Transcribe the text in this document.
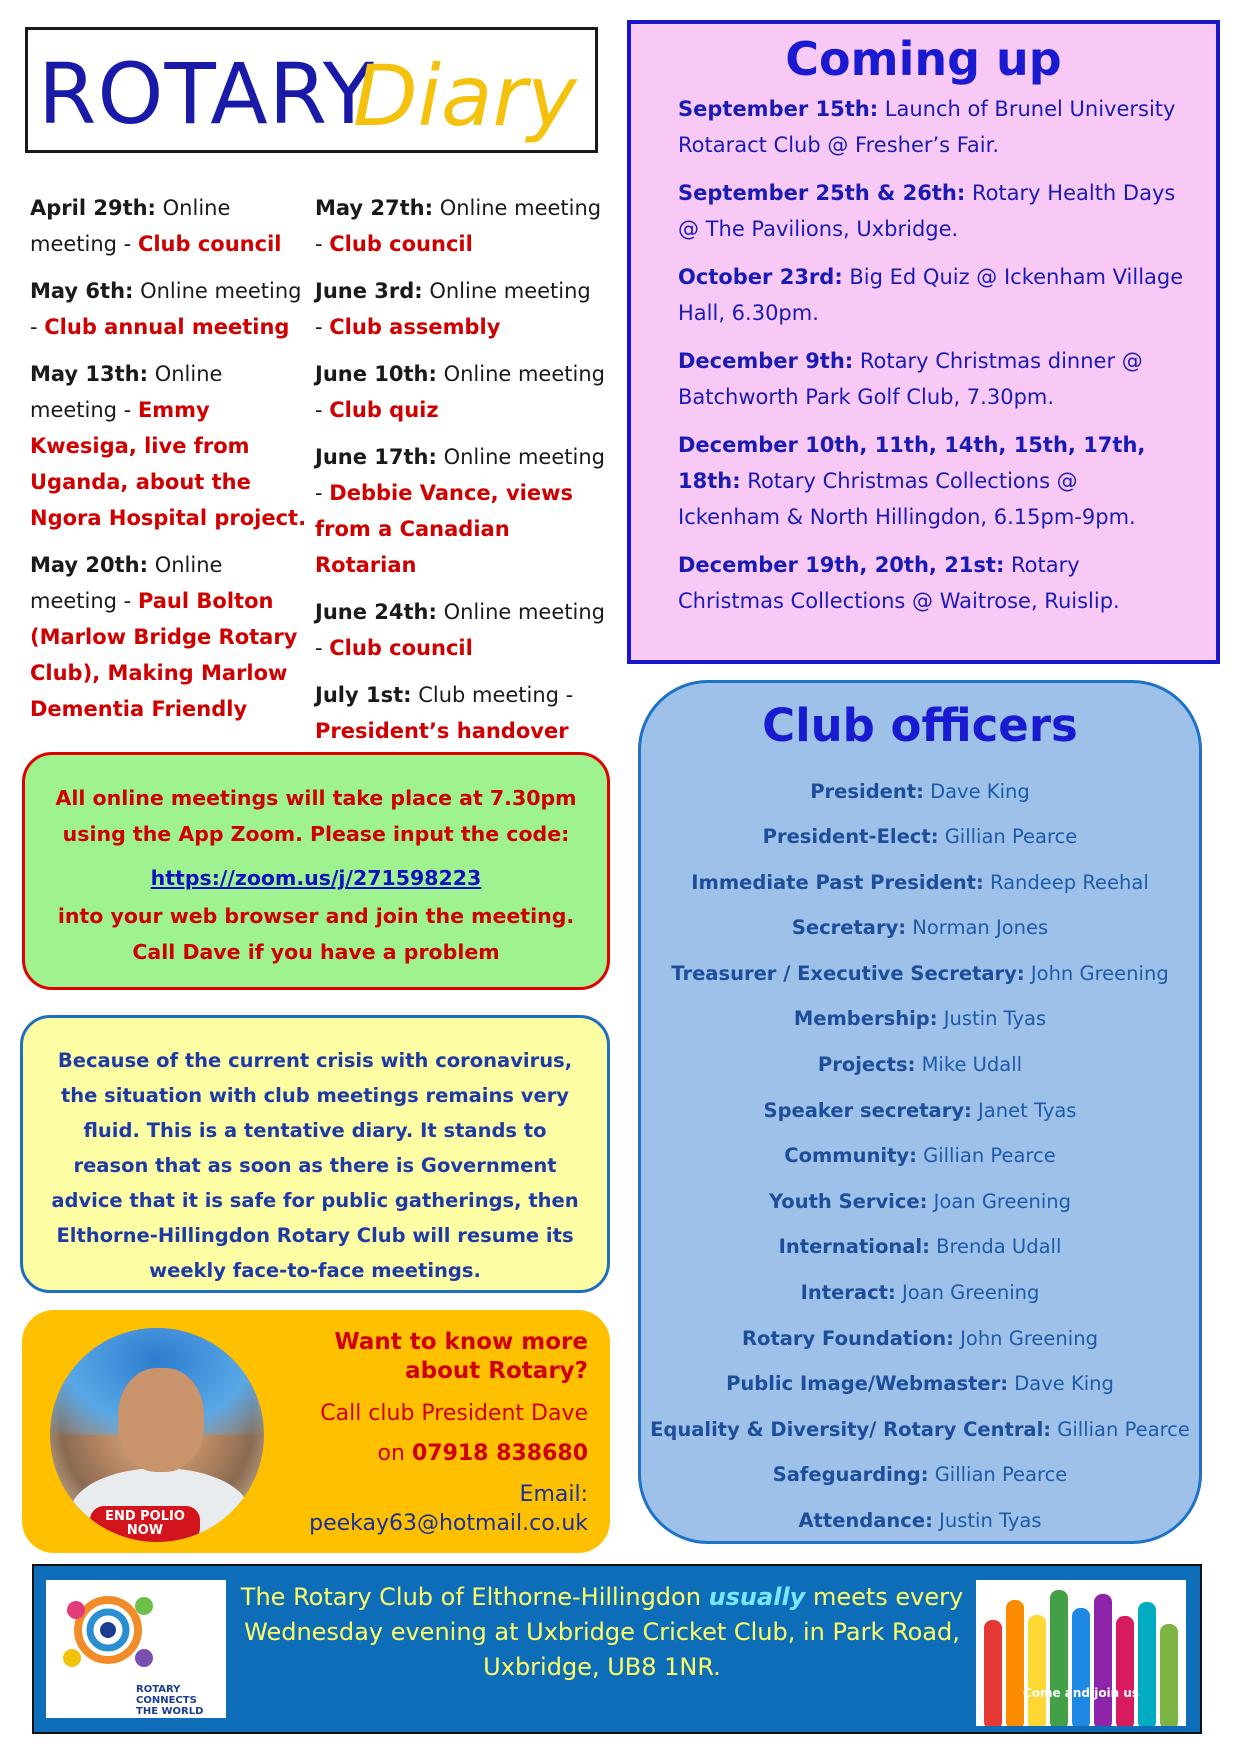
ROTARY
Diary
April 29th: Online meeting - Club council
May 6th: Online meeting - Club annual meeting
May 13th: Online meeting - Emmy Kwesiga, live from Uganda, about the Ngora Hospital project.
May 20th: Online meeting - Paul Bolton (Marlow Bridge Rotary Club), Making Marlow Dementia Friendly
May 27th: Online meeting - Club council
June 3rd: Online meeting - Club assembly
June 10th: Online meeting - Club quiz
June 17th: Online meeting - Debbie Vance, views from a Canadian Rotarian
June 24th: Online meeting - Club council
July 1st: Club meeting - President’s handover
Coming up
September 15th: Launch of Brunel University Rotaract Club @ Fresher’s Fair.
September 25th & 26th: Rotary Health Days @ The Pavilions, Uxbridge.
October 23rd: Big Ed Quiz @ Ickenham Village Hall, 6.30pm.
December 9th: Rotary Christmas dinner @ Batchworth Park Golf Club, 7.30pm.
December 10th, 11th, 14th, 15th, 17th, 18th: Rotary Christmas Collections @ Ickenham & North Hillingdon, 6.15pm-9pm.
December 19th, 20th, 21st: Rotary Christmas Collections @ Waitrose, Ruislip.
All online meetings will take place at 7.30pm using the App Zoom. Please input the code:
https://zoom.us/j/271598223
into your web browser and join the meeting.
Call Dave if you have a problem
Because of the current crisis with coronavirus, the situation with club meetings remains very fluid. This is a tentative diary. It stands to reason that as soon as there is Government advice that it is safe for public gatherings, then Elthorne-Hillingdon Rotary Club will resume its weekly face-to-face meetings.
END POLIO NOW
Want to know more about Rotary?
Call club President Dave
on 07918 838680
Email:
peekay63@hotmail.co.uk
Club officers
President: Dave King
President-Elect: Gillian Pearce
Immediate Past President: Randeep Reehal
Secretary: Norman Jones
Treasurer / Executive Secretary: John Greening
Membership: Justin Tyas
Projects: Mike Udall
Speaker secretary: Janet Tyas
Community: Gillian Pearce
Youth Service: Joan Greening
International: Brenda Udall
Interact: Joan Greening
Rotary Foundation: John Greening
Public Image/Webmaster: Dave King
Equality & Diversity/ Rotary Central: Gillian Pearce
Safeguarding: Gillian Pearce
Attendance: Justin Tyas
ROTARY CONNECTS THE WORLD
The Rotary Club of Elthorne-Hillingdon usually meets every Wednesday evening at Uxbridge Cricket Club, in Park Road, Uxbridge, UB8 1NR.
Come and join us
